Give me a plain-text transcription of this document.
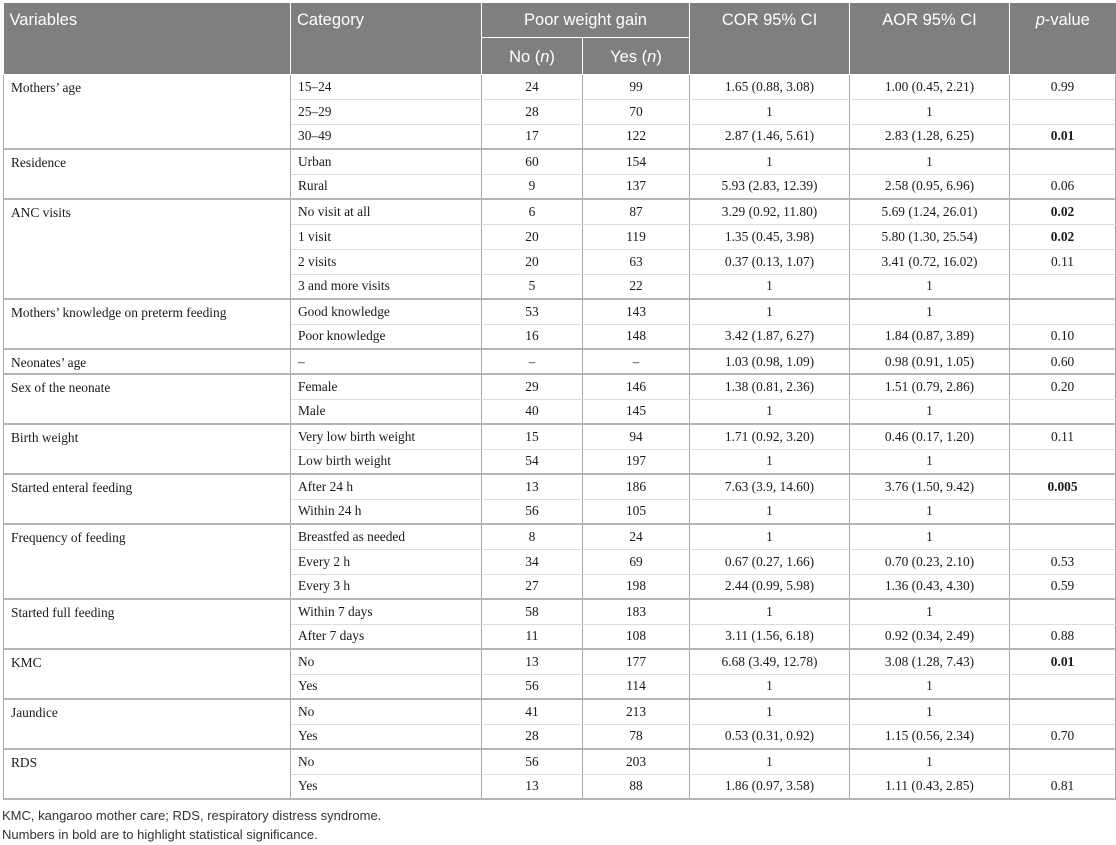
Variables	Category	Poor weight gain		COR 95% CI	AOR 95% CI	p-value
		No (n)	Yes (n)			
Mothers’ age	15–24	24	99	1.65 (0.88, 3.08)	1.00 (0.45, 2.21)	0.99
	25–29	28	70	1	1	
	30–49	17	122	2.87 (1.46, 5.61)	2.83 (1.28, 6.25)	0.01
Residence	Urban	60	154	1	1	
	Rural	9	137	5.93 (2.83, 12.39)	2.58 (0.95, 6.96)	0.06
ANC visits	No visit at all	6	87	3.29 (0.92, 11.80)	5.69 (1.24, 26.01)	0.02
	1 visit	20	119	1.35 (0.45, 3.98)	5.80 (1.30, 25.54)	0.02
	2 visits	20	63	0.37 (0.13, 1.07)	3.41 (0.72, 16.02)	0.11
	3 and more visits	5	22	1	1	
Mothers’ knowledge on preterm feeding	Good knowledge	53	143	1	1	
	Poor knowledge	16	148	3.42 (1.87, 6.27)	1.84 (0.87, 3.89)	0.10
Neonates’ age	–	–	–	1.03 (0.98, 1.09)	0.98 (0.91, 1.05)	0.60
Sex of the neonate	Female	29	146	1.38 (0.81, 2.36)	1.51 (0.79, 2.86)	0.20
	Male	40	145	1	1	
Birth weight	Very low birth weight	15	94	1.71 (0.92, 3.20)	0.46 (0.17, 1.20)	0.11
	Low birth weight	54	197	1	1	
Started enteral feeding	After 24 h	13	186	7.63 (3.9, 14.60)	3.76 (1.50, 9.42)	0.005
	Within 24 h	56	105	1	1	
Frequency of feeding	Breastfed as needed	8	24	1	1	
	Every 2 h	34	69	0.67 (0.27, 1.66)	0.70 (0.23, 2.10)	0.53
	Every 3 h	27	198	2.44 (0.99, 5.98)	1.36 (0.43, 4.30)	0.59
Started full feeding	Within 7 days	58	183	1	1	
	After 7 days	11	108	3.11 (1.56, 6.18)	0.92 (0.34, 2.49)	0.88
KMC	No	13	177	6.68 (3.49, 12.78)	3.08 (1.28, 7.43)	0.01
	Yes	56	114	1	1	
Jaundice	No	41	213	1	1	
	Yes	28	78	0.53 (0.31, 0.92)	1.15 (0.56, 2.34)	0.70
RDS	No	56	203	1	1	
	Yes	13	88	1.86 (0.97, 3.58)	1.11 (0.43, 2.85)	0.81
KMC, kangaroo mother care; RDS, respiratory distress syndrome.
Numbers in bold are to highlight statistical significance.
